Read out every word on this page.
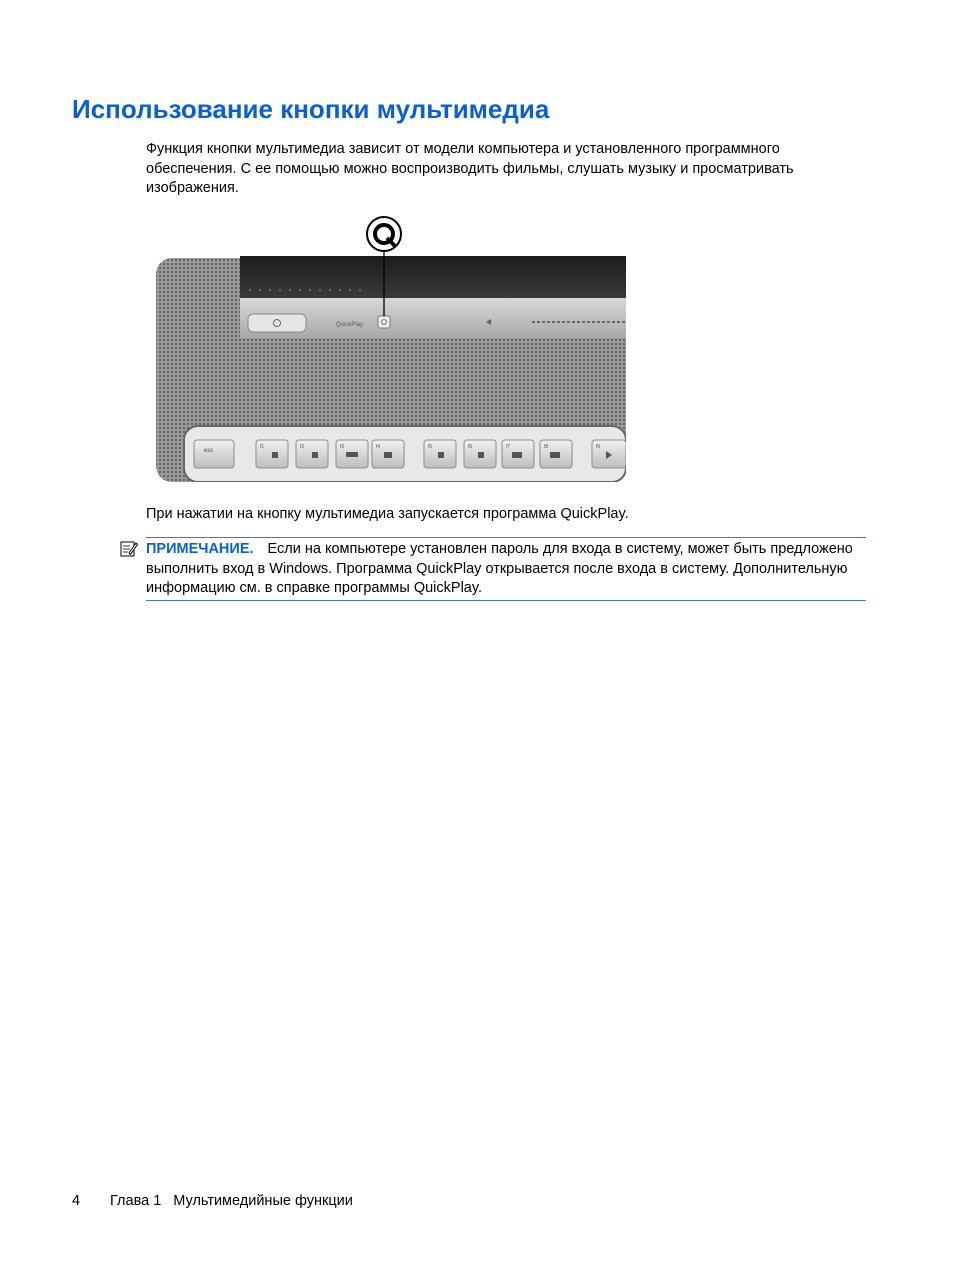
Использование кнопки мультимедиа

Функция кнопки мультимедиа зависит от модели компьютера и установленного программного обеспечения. С ее помощью можно воспроизводить фильмы, слушать музыку и просматривать изображения.

QuickPlay
esc
f1	f2	f3	f4	f5	f6	f7	f8	f9

При нажатии на кнопку мультимедиа запускается программа QuickPlay.

ПРИМЕЧАНИЕ. Если на компьютере установлен пароль для входа в систему, может быть предложено выполнить вход в Windows. Программа QuickPlay открывается после входа в систему. Дополнительную информацию см. в справке программы QuickPlay.
4 Глава 1 Мультимедийные функции
